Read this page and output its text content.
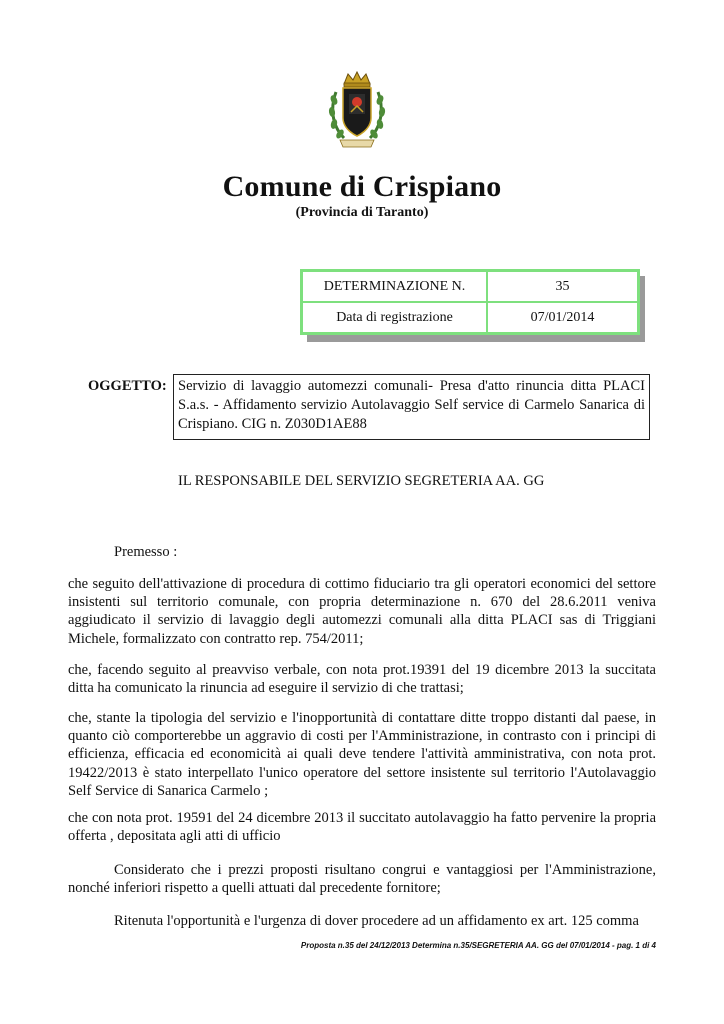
Comune di Crispiano
(Provincia di Taranto)
DETERMINAZIONE N.	35
Data di registrazione	07/01/2014
OGGETTO: Servizio di lavaggio automezzi comunali- Presa d'atto rinuncia ditta PLACI S.a.s. - Affidamento servizio Autolavaggio Self service di Carmelo Sanarica di Crispiano. CIG n. Z030D1AE88
IL RESPONSABILE DEL SERVIZIO SEGRETERIA AA. GG

Premesso :

che seguito dell'attivazione di procedura di cottimo fiduciario tra gli operatori economici del settore insistenti sul territorio comunale, con propria determinazione n. 670 del 28.6.2011 veniva aggiudicato il servizio di lavaggio degli automezzi comunali alla ditta PLACI sas di Triggiani Michele, formalizzato con contratto rep. 754/2011;

che, facendo seguito al preavviso verbale, con nota prot.19391 del 19 dicembre 2013 la succitata ditta ha comunicato la rinuncia ad eseguire il servizio di che trattasi;

che, stante la tipologia del servizio e l'inopportunità di contattare ditte troppo distanti dal paese, in quanto ciò comporterebbe un aggravio di costi per l'Amministrazione, in contrasto con i principi di efficienza, efficacia ed economicità ai quali deve tendere l'attività amministrativa, con nota prot. 19422/2013 è stato interpellato l'unico operatore del settore insistente sul territorio l'Autolavaggio Self Service di Sanarica Carmelo ;

che con nota prot. 19591 del 24 dicembre 2013 il succitato autolavaggio ha fatto pervenire la propria offerta , depositata agli atti di ufficio

Considerato che i prezzi proposti risultano congrui e vantaggiosi per l'Amministrazione, nonché inferiori rispetto a quelli attuati dal precedente fornitore;

Ritenuta l'opportunità e l'urgenza di dover procedere ad un affidamento ex art. 125 comma

Proposta n.35 del 24/12/2013 Determina n.35/SEGRETERIA AA. GG del 07/01/2014 - pag. 1 di 4
